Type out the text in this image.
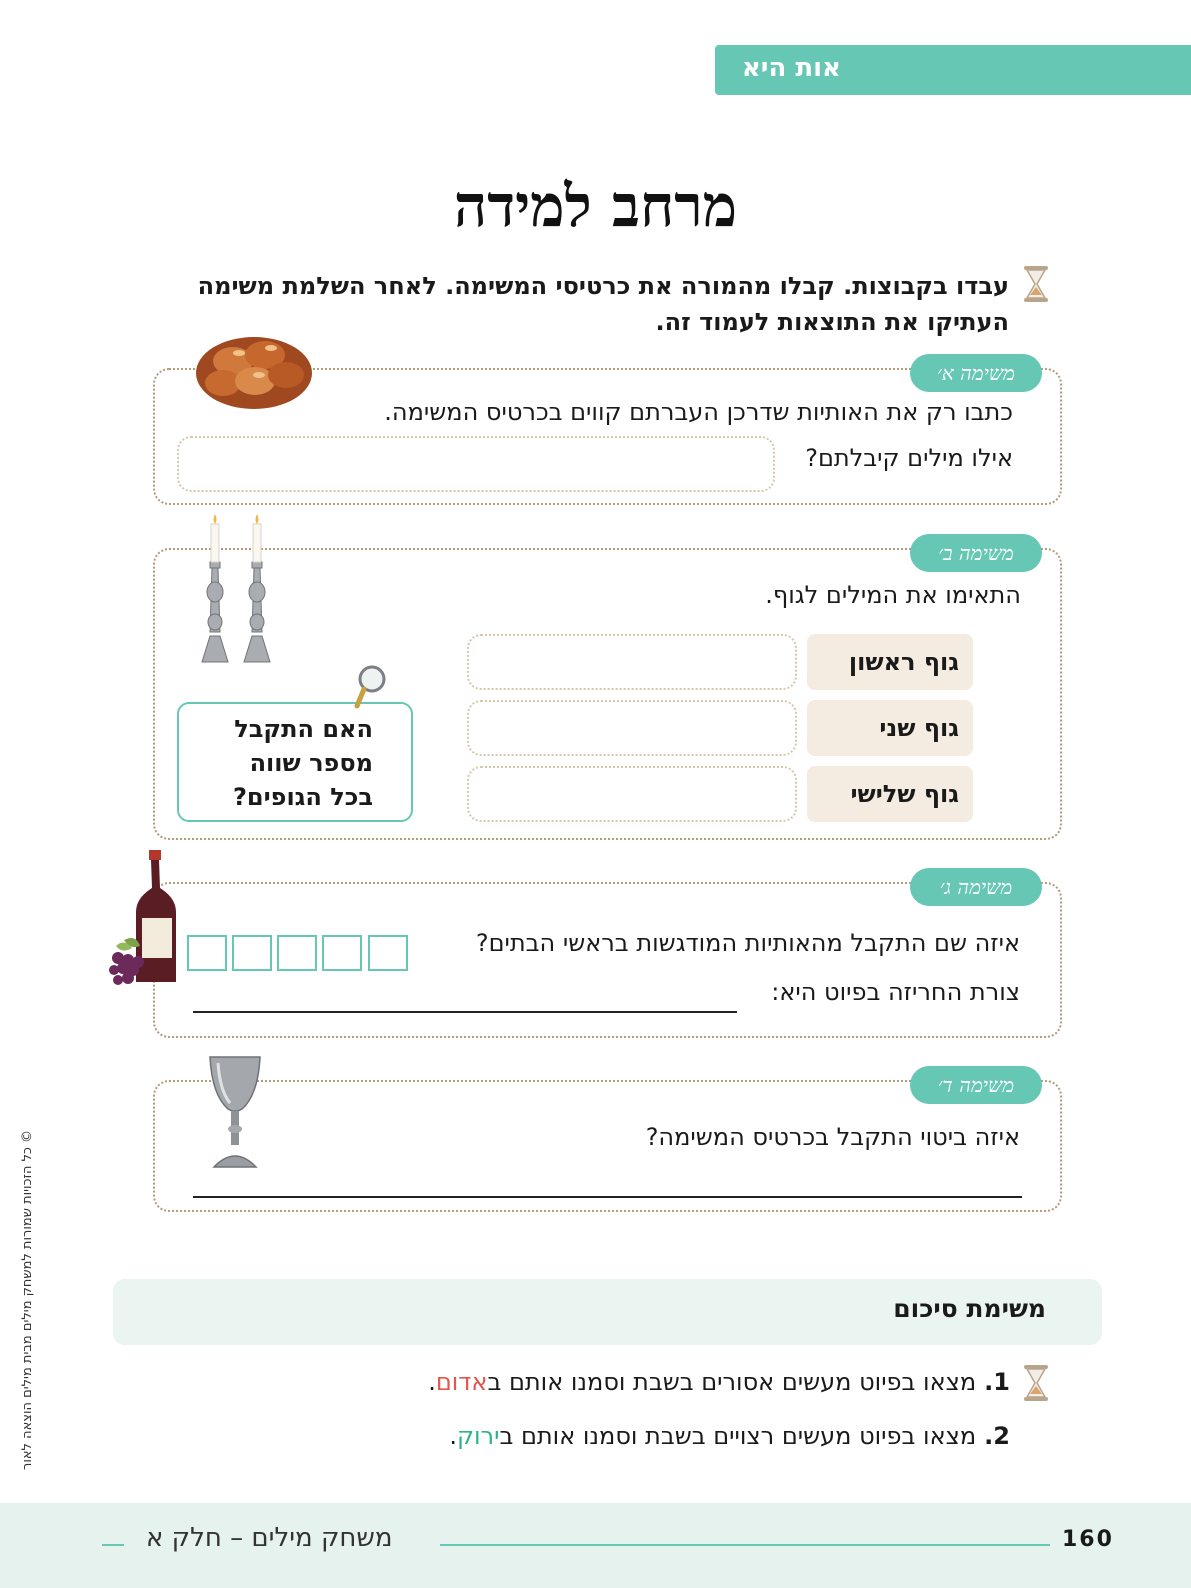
אות היא
מרחב למידה

עבדו בקבוצות. קבלו מהמורה את כרטיסי המשימה. לאחר השלמת משימה העתיקו את התוצאות לעמוד זה.

משימה א׳
כתבו רק את האותיות שדרכן העברתם קווים בכרטיס המשימה.
אילו מילים קיבלתם?
משימה ב׳
התאימו את המילים לגוף.
גוף ראשון
גוף שני
גוף שלישי
האם התקבל
מספר שווה
בכל הגופים?
משימה ג׳
איזה שם התקבל מהאותיות המודגשות בראשי הבתים?
צורת החריזה בפיוט היא:
משימה ד׳
איזה ביטוי התקבל בכרטיס המשימה?
משימת סיכום
1.מצאו בפיוט מעשים אסורים בשבת וסמנו אותם באדום.
2.מצאו בפיוט מעשים רצויים בשבת וסמנו אותם בירוק.
© כל הזכויות שמורות למשחק מילים מבית מילים הוצאה לאור
משחק מילים – חלק א	160
